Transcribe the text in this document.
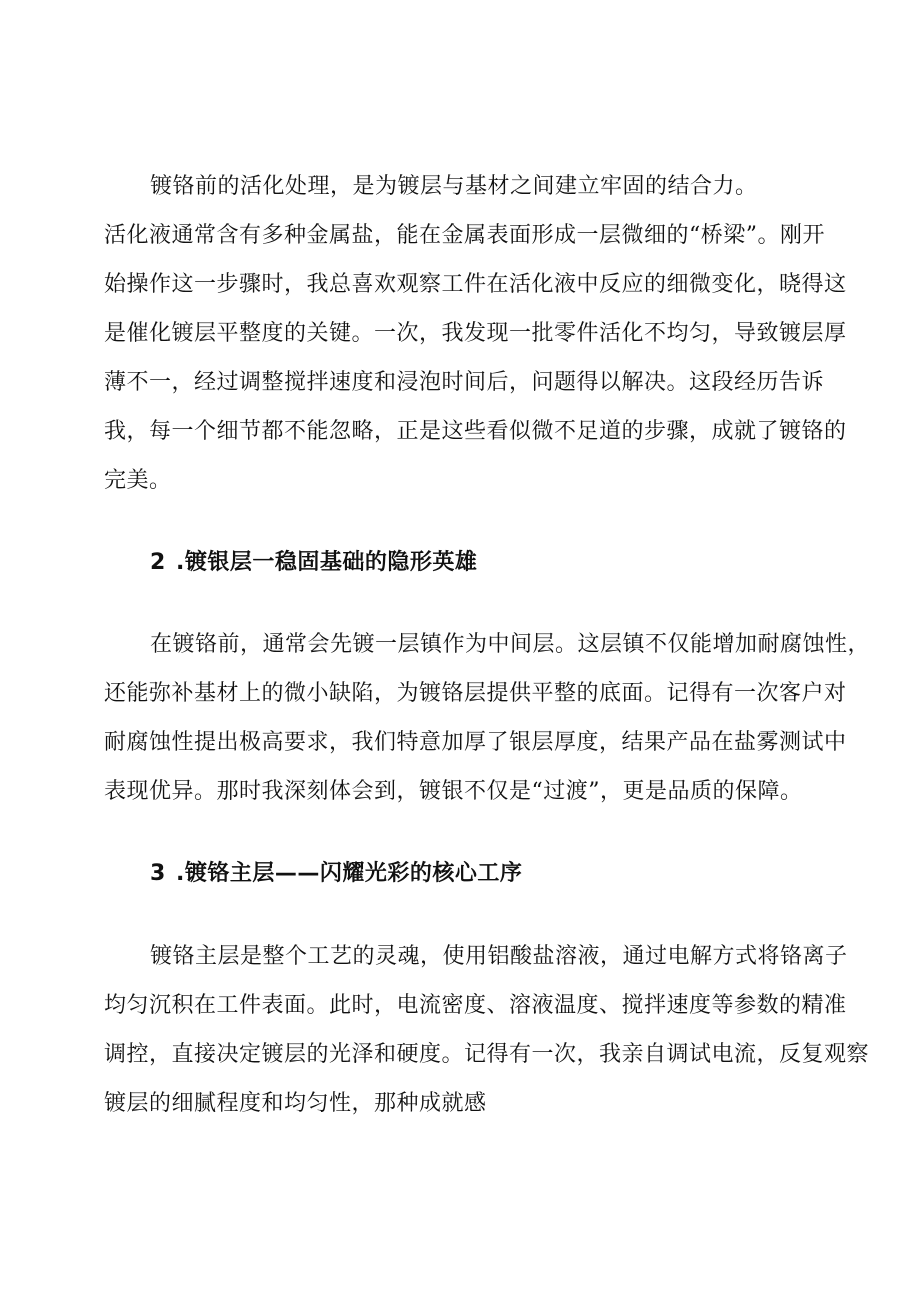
镀铬前的活化处理，是为镀层与基材之间建立牢固的结合力。
活化液通常含有多种金属盐，能在金属表面形成一层微细的“桥梁”。刚开
始操作这一步骤时，我总喜欢观察工件在活化液中反应的细微变化，晓得这
是催化镀层平整度的关键。一次，我发现一批零件活化不均匀，导致镀层厚
薄不一，经过调整搅拌速度和浸泡时间后，问题得以解决。这段经历告诉
我，每一个细节都不能忽略，正是这些看似微不足道的步骤，成就了镀铬的
完美。
2 .镀银层一稳固基础的隐形英雄
在镀铬前，通常会先镀一层镇作为中间层。这层镇不仅能增加耐腐蚀性，
还能弥补基材上的微小缺陷，为镀铬层提供平整的底面。记得有一次客户对
耐腐蚀性提出极高要求，我们特意加厚了银层厚度，结果产品在盐雾测试中
表现优异。那时我深刻体会到，镀银不仅是“过渡”，更是品质的保障。
3 .镀铬主层——闪耀光彩的核心工序
镀铬主层是整个工艺的灵魂，使用铝酸盐溶液，通过电解方式将铬离子
均匀沉积在工件表面。此时，电流密度、溶液温度、搅拌速度等参数的精准
调控，直接决定镀层的光泽和硬度。记得有一次，我亲自调试电流，反复观察
镀层的细腻程度和均匀性，那种成就感
